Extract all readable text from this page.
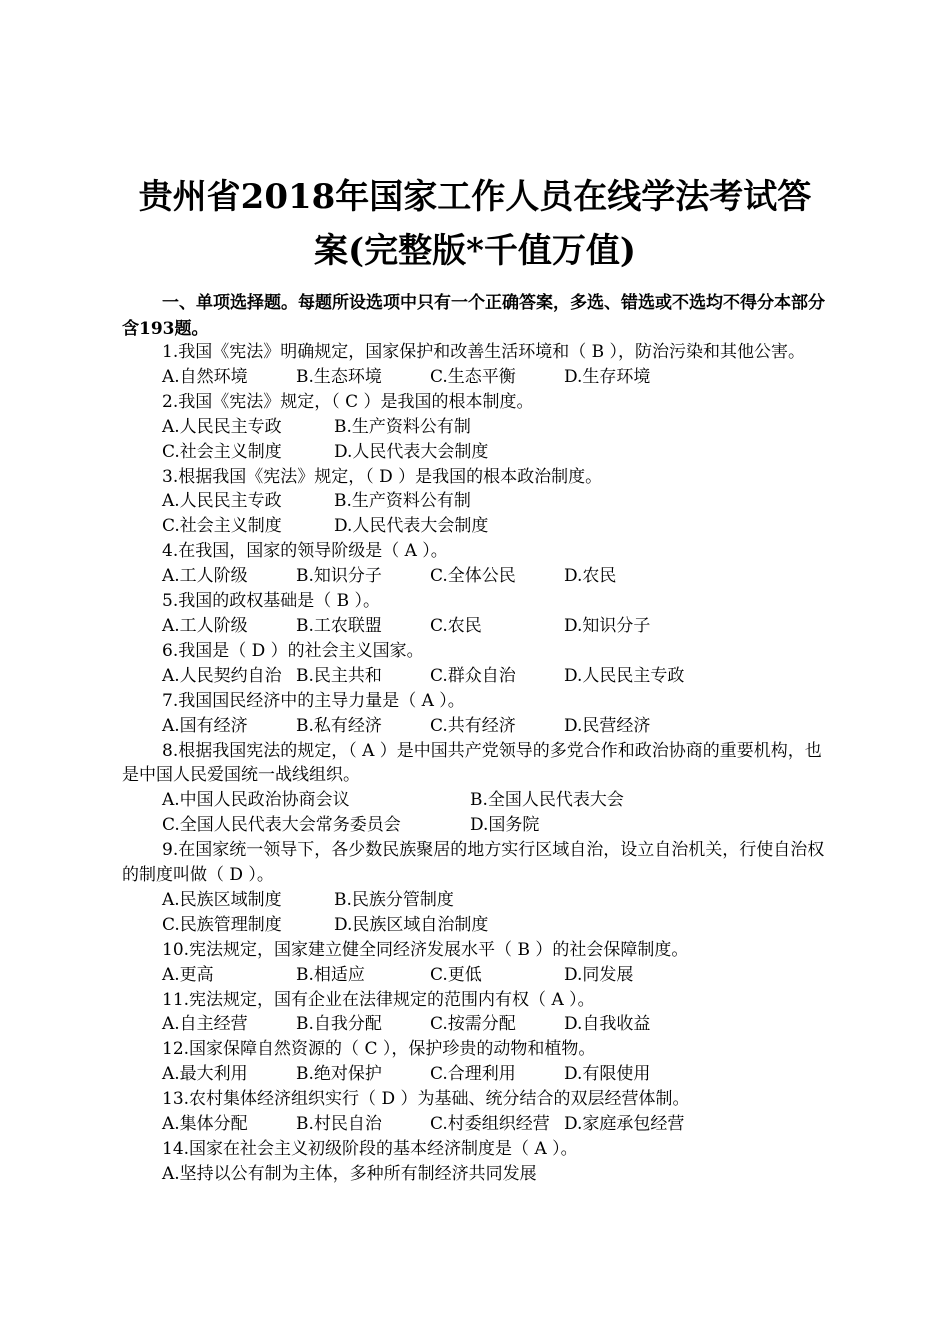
贵州省2018年国家工作人员在线学法考试答
案(完整版*千值万值)
一、单项选择题。每题所设选项中只有一个正确答案，多选、错选或不选均不得分本部分含193题。

1.我国《宪法》明确规定，国家保护和改善生活环境和（ B ），防治污染和其他公害。

A.自然环境	B.生态环境	C.生态平衡	D.生存环境

2.我国《宪法》规定，（ C ）是我国的根本制度。

A.人民民主专政	B.生产资料公有制

C.社会主义制度	D.人民代表大会制度

3.根据我国《宪法》规定，（ D ）是我国的根本政治制度。

A.人民民主专政	B.生产资料公有制

C.社会主义制度	D.人民代表大会制度

4.在我国，国家的领导阶级是（ A ）。

A.工人阶级	B.知识分子	C.全体公民	D.农民

5.我国的政权基础是（ B ）。

A.工人阶级	B.工农联盟	C.农民	D.知识分子

6.我国是（ D ）的社会主义国家。

A.人民契约自治 B.民主共和	C.群众自治	D.人民民主专政

7.我国国民经济中的主导力量是（ A ）。

A.国有经济	B.私有经济	C.共有经济	D.民营经济

8.根据我国宪法的规定，（ A ）是中国共产党领导的多党合作和政治协商的重要机构，也是中国人民爱国统一战线组织。

A.中国人民政治协商会议	B.全国人民代表大会

C.全国人民代表大会常务委员会	D.国务院

9.在国家统一领导下，各少数民族聚居的地方实行区域自治，设立自治机关，行使自治权的制度叫做（ D ）。

A.民族区域制度	B.民族分管制度

C.民族管理制度	D.民族区域自治制度

10.宪法规定，国家建立健全同经济发展水平（ B ）的社会保障制度。

A.更高	B.相适应	C.更低	D.同发展

11.宪法规定，国有企业在法律规定的范围内有权（ A ）。

A.自主经营	B.自我分配	C.按需分配	D.自我收益

12.国家保障自然资源的（ C ），保护珍贵的动物和植物。

A.最大利用	B.绝对保护	C.合理利用	D.有限使用

13.农村集体经济组织实行（ D ）为基础、统分结合的双层经营体制。

A.集体分配	B.村民自治	C.村委组织经营 D.家庭承包经营

14.国家在社会主义初级阶段的基本经济制度是（ A ）。

A.坚持以公有制为主体，多种所有制经济共同发展
